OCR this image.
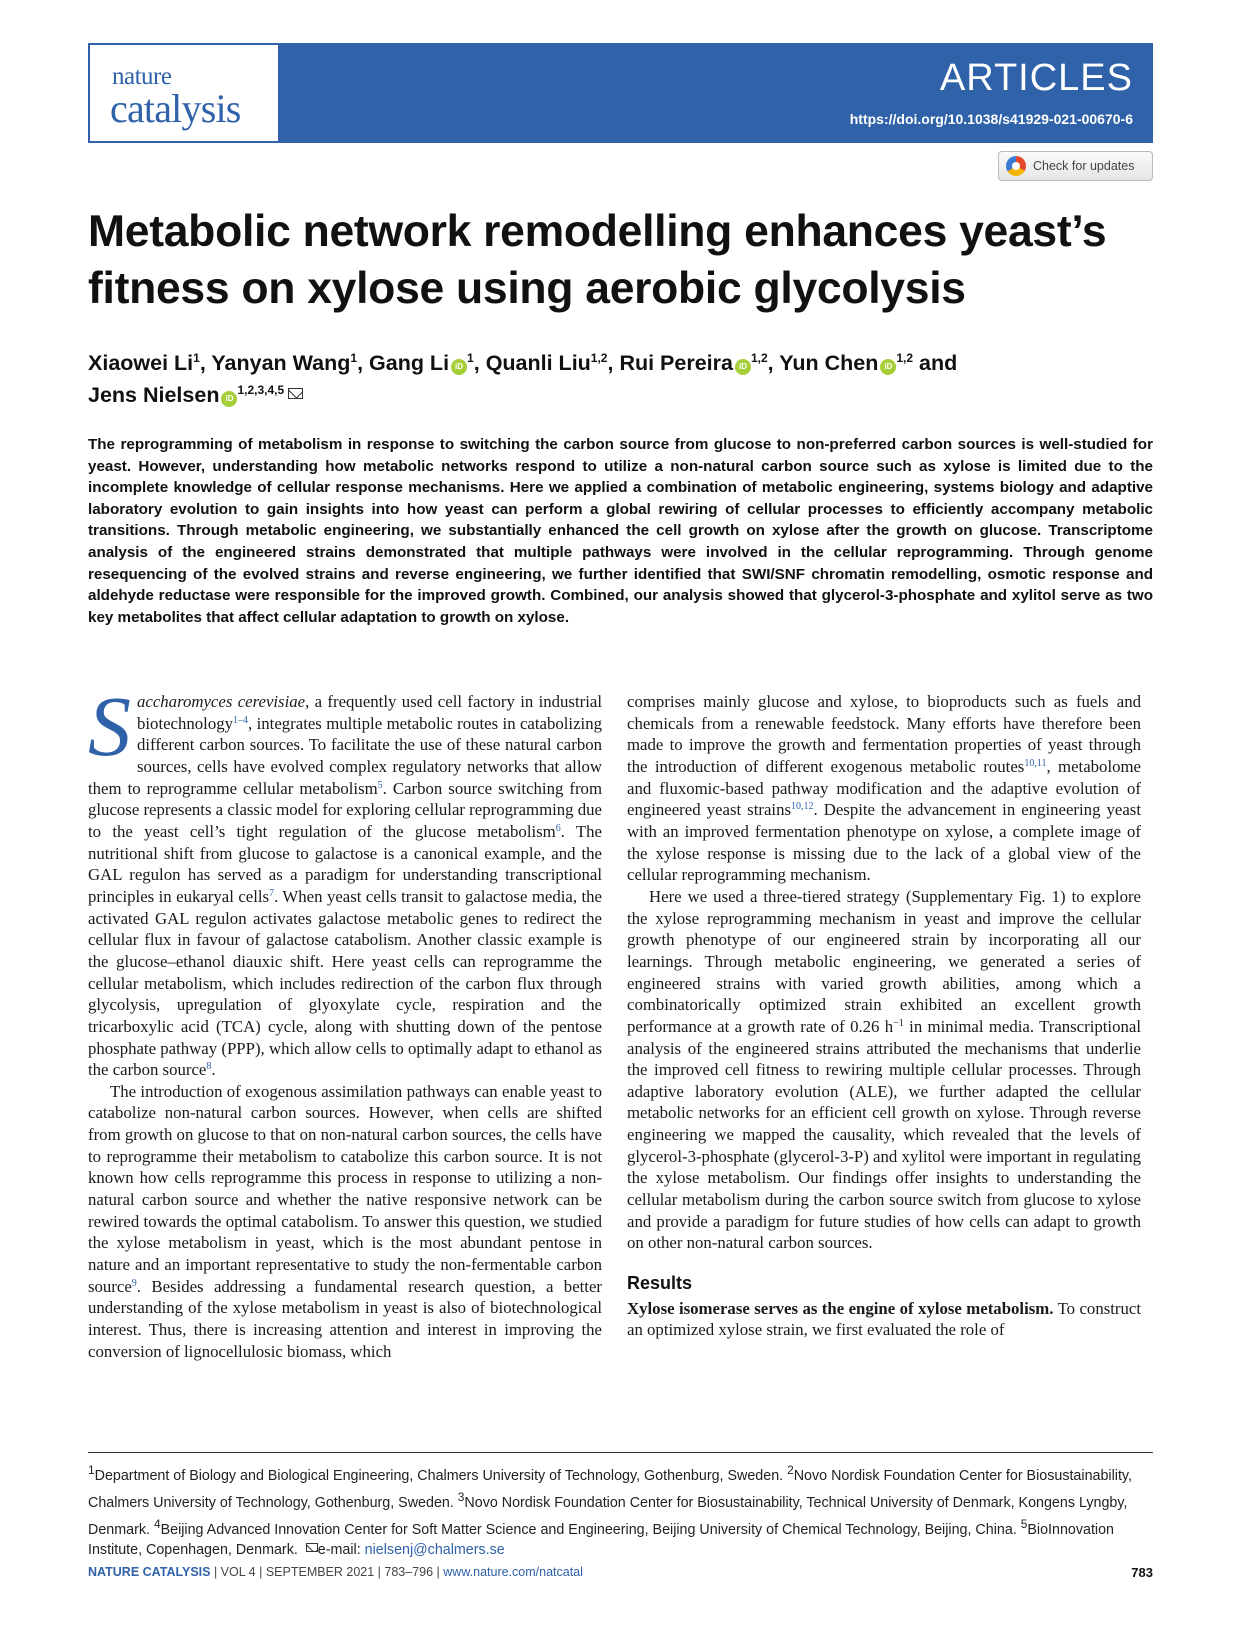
nature
catalysis
ARTICLES
https://doi.org/10.1038/s41929-021-00670-6
Check for updates
Metabolic network remodelling enhances yeast’s fitness on xylose using aerobic glycolysis
Xiaowei Li$^1$, Yanyan Wang$^1$, Gang Li $iD^1$, Quanli Liu$^{1,2}$, Rui Pereira iD$^{1,2}$, Yun Chen iD$^{1,2}$ and
Jens Nielsen iD$^{1,2,3,4,5}$

The reprogramming of metabolism in response to switching the carbon source from glucose to non-preferred carbon sources is well-studied for yeast. However, understanding how metabolic networks respond to utilize a non-natural carbon source such as xylose is limited due to the incomplete knowledge of cellular response mechanisms. Here we applied a combination of metabolic engineering, systems biology and adaptive laboratory evolution to gain insights into how yeast can perform a global rewiring of cellular processes to efficiently accompany metabolic transitions. Through metabolic engineering, we substantially enhanced the cell growth on xylose after the growth on glucose. Transcriptome analysis of the engineered strains demonstrated that multiple pathways were involved in the cellular reprogramming. Through genome resequencing of the evolved strains and reverse engineering, we further identified that SWI/SNF chromatin remodelling, osmotic response and aldehyde reductase were responsible for the improved growth. Combined, our analysis showed that glycerol-3-phosphate and xylitol serve as two key metabolites that affect cellular adaptation to growth on xylose.

Saccharomyces cerevisiae, a frequently used cell factory in industrial biotechnology$^{1-4}$, integrates multiple metabolic routes in catabolizing different carbon sources. To facilitate the use of these natural carbon sources, cells have evolved complex regulatory networks that allow them to reprogramme cellular metabolism$^5$. Carbon source switching from glucose represents a classic model for exploring cellular reprogramming due to the yeast cell’s tight regulation of the glucose metabolism$^6$. The nutritional shift from glucose to galactose is a canonical example, and the GAL regulon has served as a paradigm for understanding transcriptional principles in eukaryal cells$^7$. When yeast cells transit to galactose media, the activated GAL regulon activates galactose metabolic genes to redirect the cellular flux in favour of galactose catabolism. Another classic example is the glucose–ethanol diauxic shift. Here yeast cells can reprogramme the cellular metabolism, which includes redirection of the carbon flux through glycolysis, upregulation of glyoxylate cycle, respiration and the tricarboxylic acid (TCA) cycle, along with shutting down of the pentose phosphate pathway (PPP), which allow cells to optimally adapt to ethanol as the carbon source$^8$.

The introduction of exogenous assimilation pathways can enable yeast to catabolize non-natural carbon sources. However, when cells are shifted from growth on glucose to that on non-natural carbon sources, the cells have to reprogramme their metabolism to catabolize this carbon source. It is not known how cells reprogramme this process in response to utilizing a non-natural carbon source and whether the native responsive network can be rewired towards the optimal catabolism. To answer this question, we studied the xylose metabolism in yeast, which is the most abundant pentose in nature and an important representative to study the non-fermentable carbon source$^9$. Besides addressing a fundamental research question, a better understanding of the xylose metabolism in yeast is also of biotechnological interest. Thus, there is increasing attention and interest in improving the conversion of lignocellulosic biomass, which

comprises mainly glucose and xylose, to bioproducts such as fuels and chemicals from a renewable feedstock. Many efforts have therefore been made to improve the growth and fermentation properties of yeast through the introduction of different exogenous metabolic routes$^{10,11}$, metabolome and fluxomic-based pathway modification and the adaptive evolution of engineered yeast strains$^{10,12}$. Despite the advancement in engineering yeast with an improved fermentation phenotype on xylose, a complete image of the xylose response is missing due to the lack of a global view of the cellular reprogramming mechanism.

Here we used a three-tiered strategy (Supplementary Fig. 1) to explore the xylose reprogramming mechanism in yeast and improve the cellular growth phenotype of our engineered strain by incorporating all our learnings. Through metabolic engineering, we generated a series of engineered strains with varied growth abilities, among which a combinatorically optimized strain exhibited an excellent growth performance at a growth rate of 0.26 $h^{-1}$ in minimal media. Transcriptional analysis of the engineered strains attributed the mechanisms that underlie the improved cell fitness to rewiring multiple cellular processes. Through adaptive laboratory evolution (ALE), we further adapted the cellular metabolic networks for an efficient cell growth on xylose. Through reverse engineering we mapped the causality, which revealed that the levels of glycerol-3-phosphate (glycerol-3-P) and xylitol were important in regulating the xylose metabolism. Our findings offer insights to understanding the cellular metabolism during the carbon source switch from glucose to xylose and provide a paradigm for future studies of how cells can adapt to growth on other non-natural carbon sources.

Results

Xylose isomerase serves as the engine of xylose metabolism. To construct an optimized xylose strain, we first evaluated the role of

$^1$Department of Biology and Biological Engineering, Chalmers University of Technology, Gothenburg, Sweden. $^2$Novo Nordisk Foundation Center for Biosustainability, Chalmers University of Technology, Gothenburg, Sweden. $^3$Novo Nordisk Foundation Center for Biosustainability, Technical University of Denmark, Kongens Lyngby, Denmark. $^4$Beijing Advanced Innovation Center for Soft Matter Science and Engineering, Beijing University of Chemical Technology, Beijing, China. $^5$BioInnovation Institute, Copenhagen, Denmark. e-mail: nielsenj@chalmers.se
NATURE CATALYSIS | VOL 4 | SEPTEMBER 2021 | 783–796 | www.nature.com/natcatal	783
